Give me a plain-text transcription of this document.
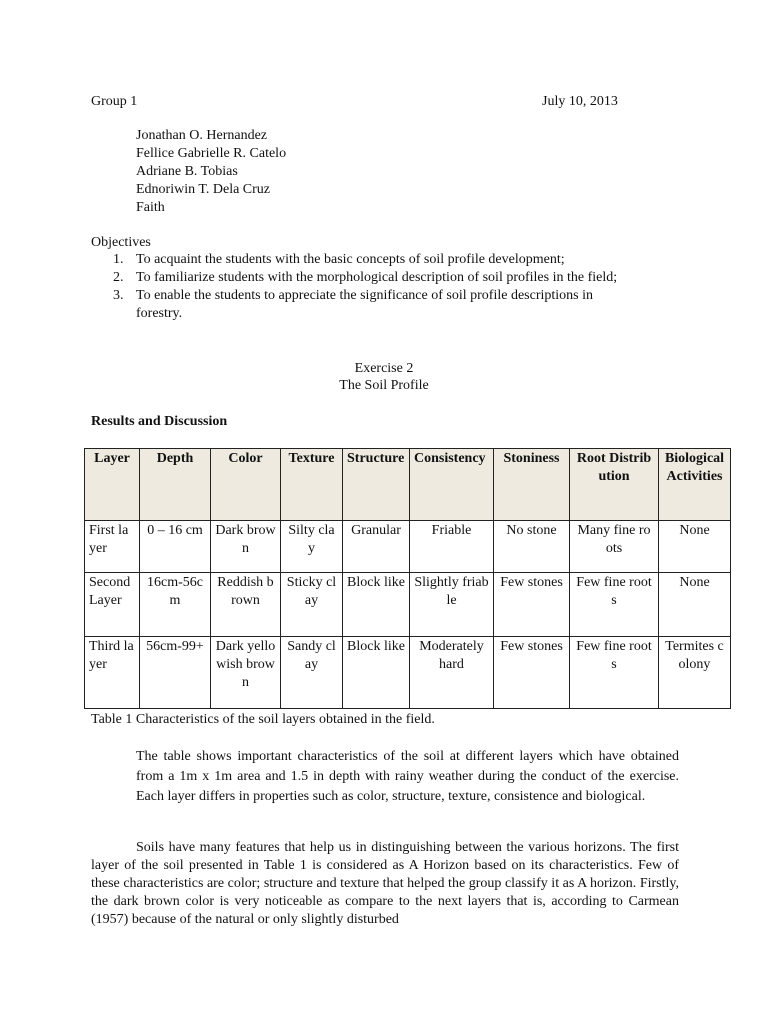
Group 1	July 10, 2013
Jonathan O. Hernandez
Fellice Gabrielle R. Catelo
Adriane B. Tobias
Ednoriwin T. Dela Cruz
Faith
Objectives
1. To acquaint the students with the basic concepts of soil profile development;
2. To familiarize students with the morphological description of soil profiles in the field;
3. To enable the students to appreciate the significance of soil profile descriptions in forestry.
Exercise 2
The Soil Profile
Results and Discussion
Layer	Depth	Color	Texture	Structure	Consistency	Stoniness	Root Distribution	Biological Activities
First layer	0 – 16 cm	Dark brown	Silty clay	Granular	Friable	No stone	Many fine roots	None
Second Layer	16cm-56cm	Reddish brown	Sticky clay	Block like	Slightly friable	Few stones	Few fine roots	None
Third layer	56cm-99+	Dark yellowish brown	Sandy clay	Block like	Moderately hard	Few stones	Few fine roots	Termites colony
Table 1 Characteristics of the soil layers obtained in the field.
The table shows important characteristics of the soil at different layers which have obtained from a 1m x 1m area and 1.5 in depth with rainy weather during the conduct of the exercise. Each layer differs in properties such as color, structure, texture, consistence and biological.
Soils have many features that help us in distinguishing between the various horizons. The first layer of the soil presented in Table 1 is considered as A Horizon based on its characteristics. Few of these characteristics are color; structure and texture that helped the group classify it as A horizon. Firstly, the dark brown color is very noticeable as compare to the next layers that is, according to Carmean (1957) because of the natural or only slightly disturbed
